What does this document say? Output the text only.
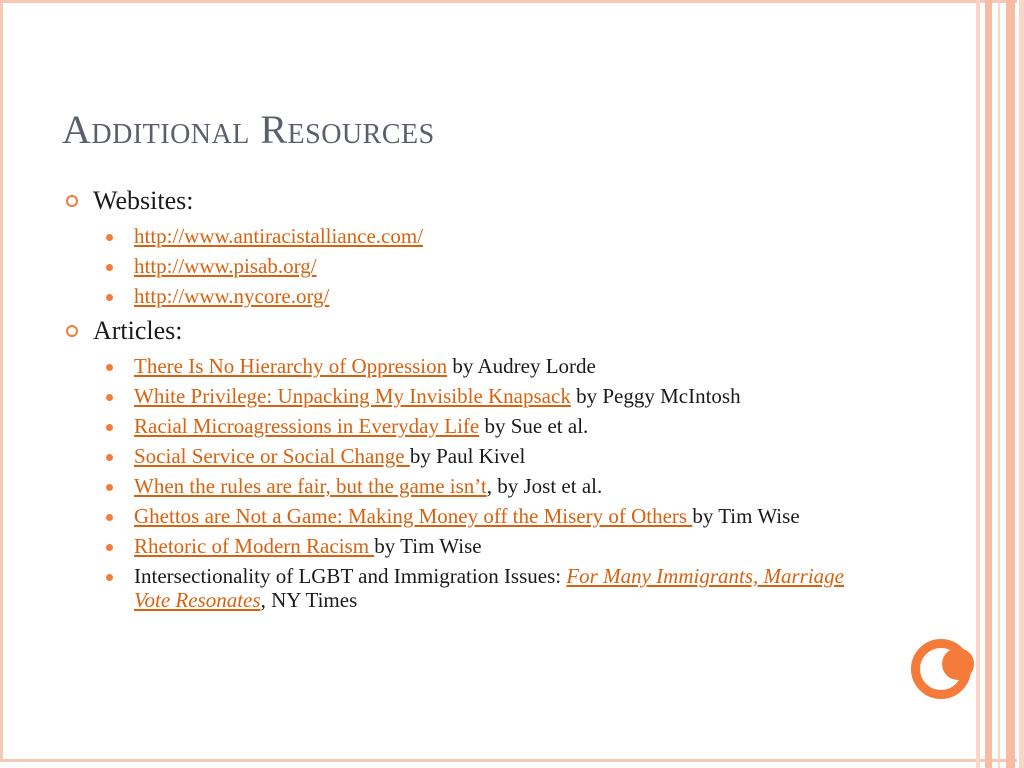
Additional Resources
Websites:
http://www.antiracistalliance.com/
http://www.pisab.org/
http://www.nycore.org/
Articles:
There Is No Hierarchy of Oppression by Audrey Lorde
White Privilege: Unpacking My Invisible Knapsack by Peggy McIntosh
Racial Microagressions in Everyday Life by Sue et al.
Social Service or Social Change by Paul Kivel
When the rules are fair, but the game isn’t, by Jost et al.
Ghettos are Not a Game: Making Money off the Misery of Others by Tim Wise
Rhetoric of Modern Racism by Tim Wise
Intersectionality of LGBT and Immigration Issues: For Many Immigrants, Marriage Vote Resonates, NY Times
